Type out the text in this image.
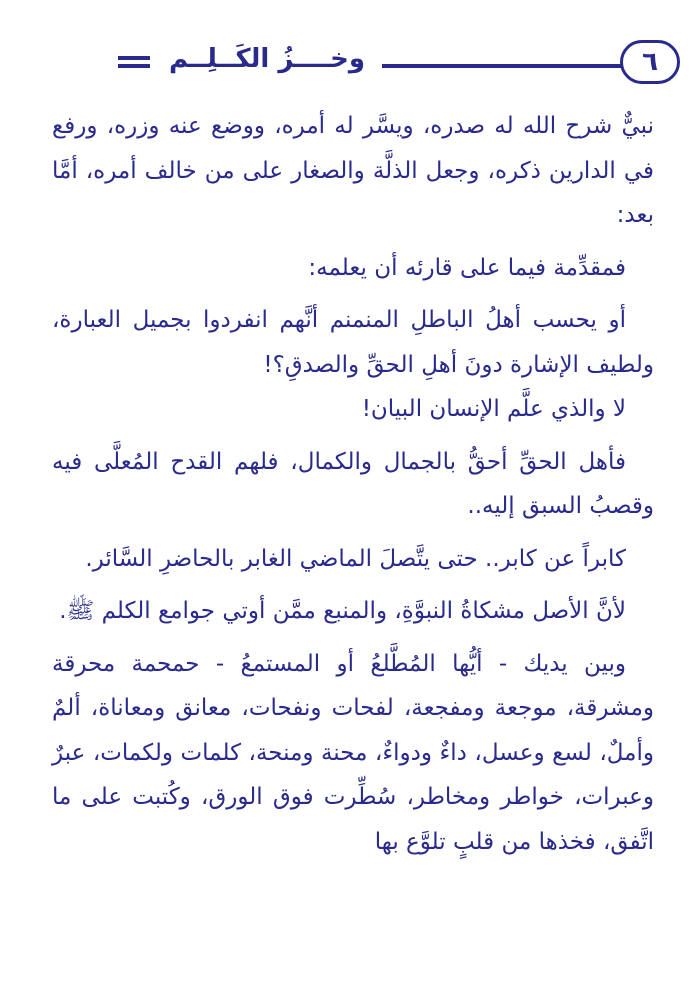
وخــــزُ الكَــلِــم	٦

نبيٌّ شرح الله له صدره، ويسَّر له أمره، ووضع عنه وزره، ورفع في الدارين ذكره، وجعل الذلَّة والصغار على من خالف أمره، أمَّا بعد:

فمقدِّمة فيما على قارئه أن يعلمه:

أو يحسب أهلُ الباطلِ المنمنم أنَّهم انفردوا بجميل العبارة، ولطيف الإشارة دونَ أهلِ الحقِّ والصدقِ؟!

لا والذي علَّم الإنسان البيان!

فأهل الحقِّ أحقُّ بالجمال والكمال، فلهم القدح المُعلَّى فيه وقصبُ السبق إليه..

كابراً عن كابر.. حتى يتَّصلَ الماضي الغابر بالحاضرِ السَّائر.

لأنَّ الأصل مشكاةُ النبوَّةِ، والمنبع ممَّن أوتي جوامع الكلم ﷺ.

وبين يديك - أيُّها المُطَّلعُ أو المستمعُ - حمحمة محرقة ومشرقة، موجعة ومفجعة، لفحات ونفحات، معانق ومعاناة، ألمٌ وأملٌ، لسع وعسل، داءٌ ودواءٌ، محنة ومنحة، كلمات ولكمات، عبرٌ وعبرات، خواطر ومخاطر، سُطِّرت فوق الورق، وكُتبت على ما اتَّفق، فخذها من قلبٍ تلوَّع بها
